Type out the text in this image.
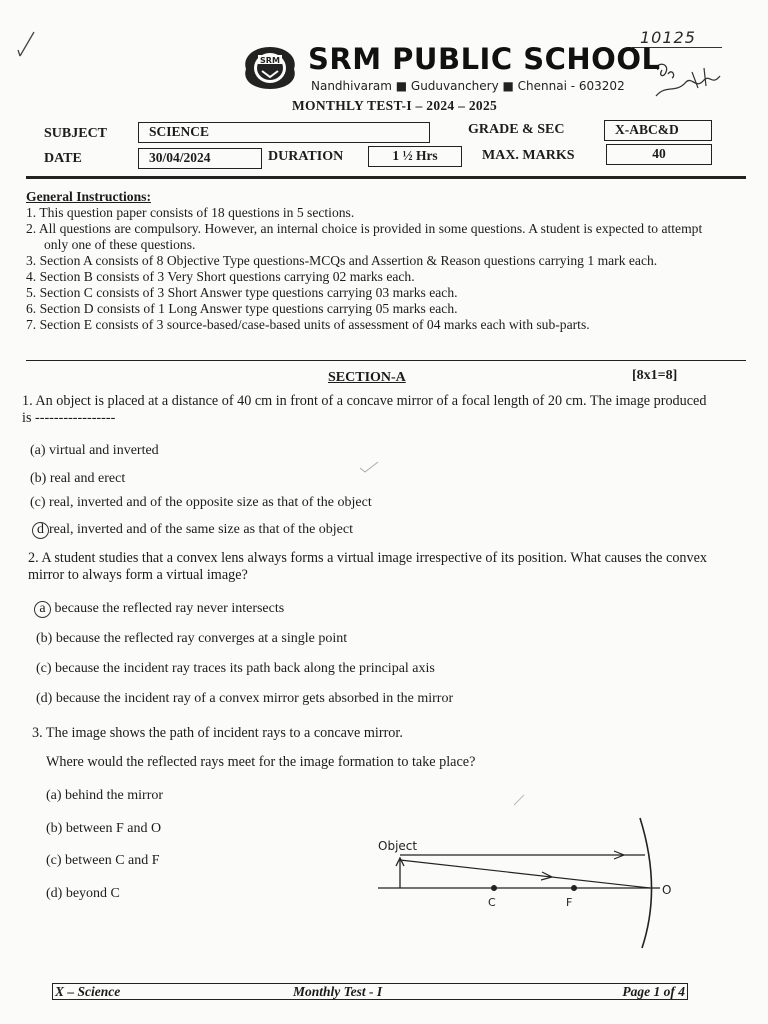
10125
SRM SRM PUBLIC SCHOOL
Nandhivaram ■ Guduvanchery ■ Chennai - 603202
MONTHLY TEST-I – 2024 – 2025
SUBJECT	SCIENCE	GRADE & SEC	X-ABC&D
DATE	30/04/2024	DURATION	1 ½ Hrs	MAX. MARKS	40
General Instructions:
1. This question paper consists of 18 questions in 5 sections.
2. All questions are compulsory. However, an internal choice is provided in some questions. A student is expected to attempt only one of these questions.
3. Section A consists of 8 Objective Type questions-MCQs and Assertion & Reason questions carrying 1 mark each.
4. Section B consists of 3 Very Short questions carrying 02 marks each.
5. Section C consists of 3 Short Answer type questions carrying 03 marks each.
6. Section D consists of 1 Long Answer type questions carrying 05 marks each.
7. Section E consists of 3 source-based/case-based units of assessment of 04 marks each with sub-parts.
SECTION-A	[8x1=8]
1. An object is placed at a distance of 40 cm in front of a concave mirror of a focal length of 20 cm. The image produced is -----------------
(a) virtual and inverted
(b) real and erect
(c) real, inverted and of the opposite size as that of the object
d real, inverted and of the same size as that of the object
2. A student studies that a convex lens always forms a virtual image irrespective of its position. What causes the convex mirror to always form a virtual image?
a because the reflected ray never intersects
(b) because the reflected ray converges at a single point
(c) because the incident ray traces its path back along the principal axis
(d) because the incident ray of a convex mirror gets absorbed in the mirror
3. The image shows the path of incident rays to a concave mirror.
Where would the reflected rays meet for the image formation to take place?
(a) behind the mirror
(b) between F and O
(c) between C and F
(d) beyond C
Object
C	F
O
X – Science	Monthly Test - I	Page 1 of 4
